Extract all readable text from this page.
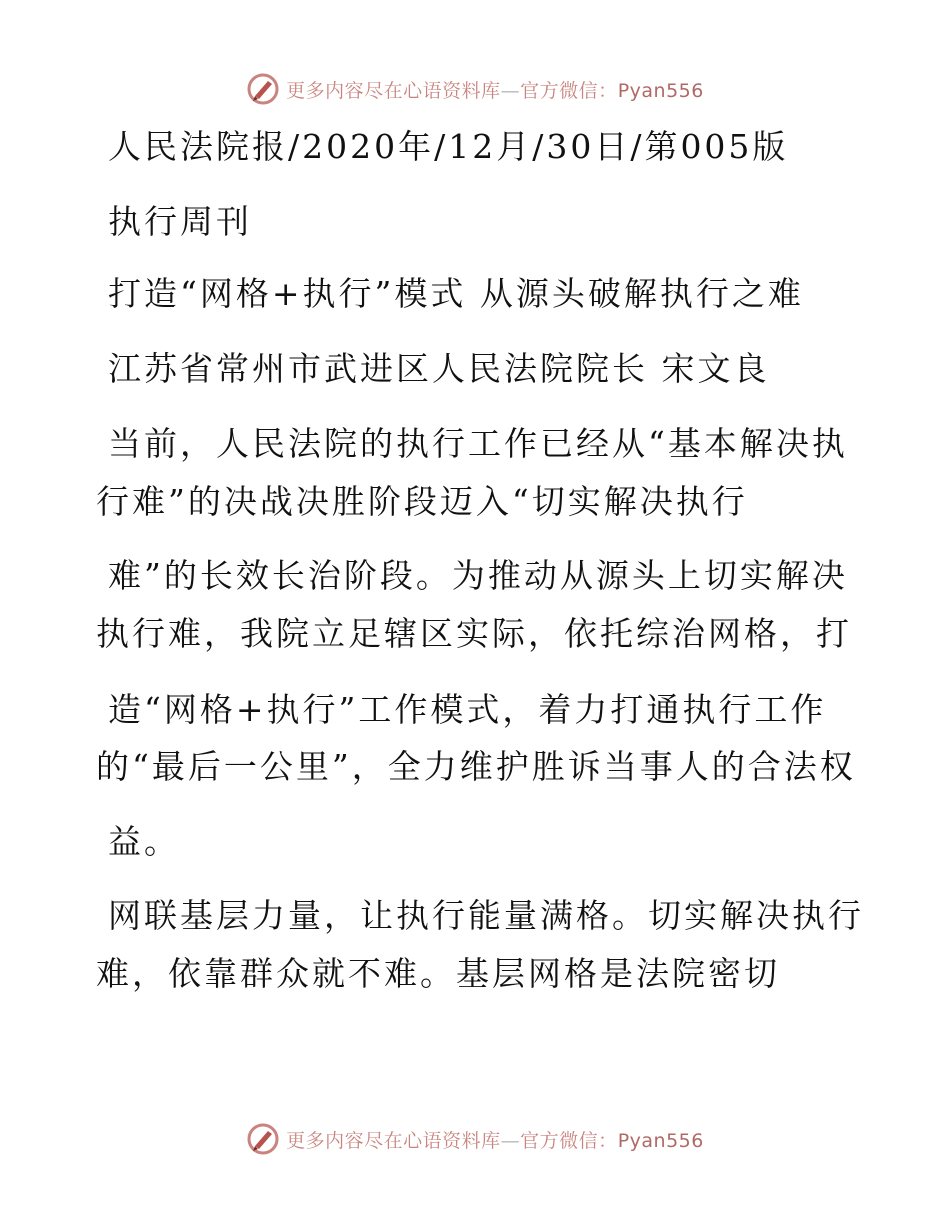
更多内容尽在心语资料库—官方微信：Pyan556
人民法院报/2020年/12月/30日/第005版
执行周刊
打造“网格+执行”模式 从源头破解执行之难
江苏省常州市武进区人民法院院长 宋文良
当前，人民法院的执行工作已经从“基本解决执
行难”的决战决胜阶段迈入“切实解决执行
难”的长效长治阶段。为推动从源头上切实解决
执行难，我院立足辖区实际，依托综治网格，打
造“网格+执行”工作模式，着力打通执行工作
的“最后一公里”，全力维护胜诉当事人的合法权
益。
网联基层力量，让执行能量满格。切实解决执行
难，依靠群众就不难。基层网格是法院密切
更多内容尽在心语资料库—官方微信：Pyan556
